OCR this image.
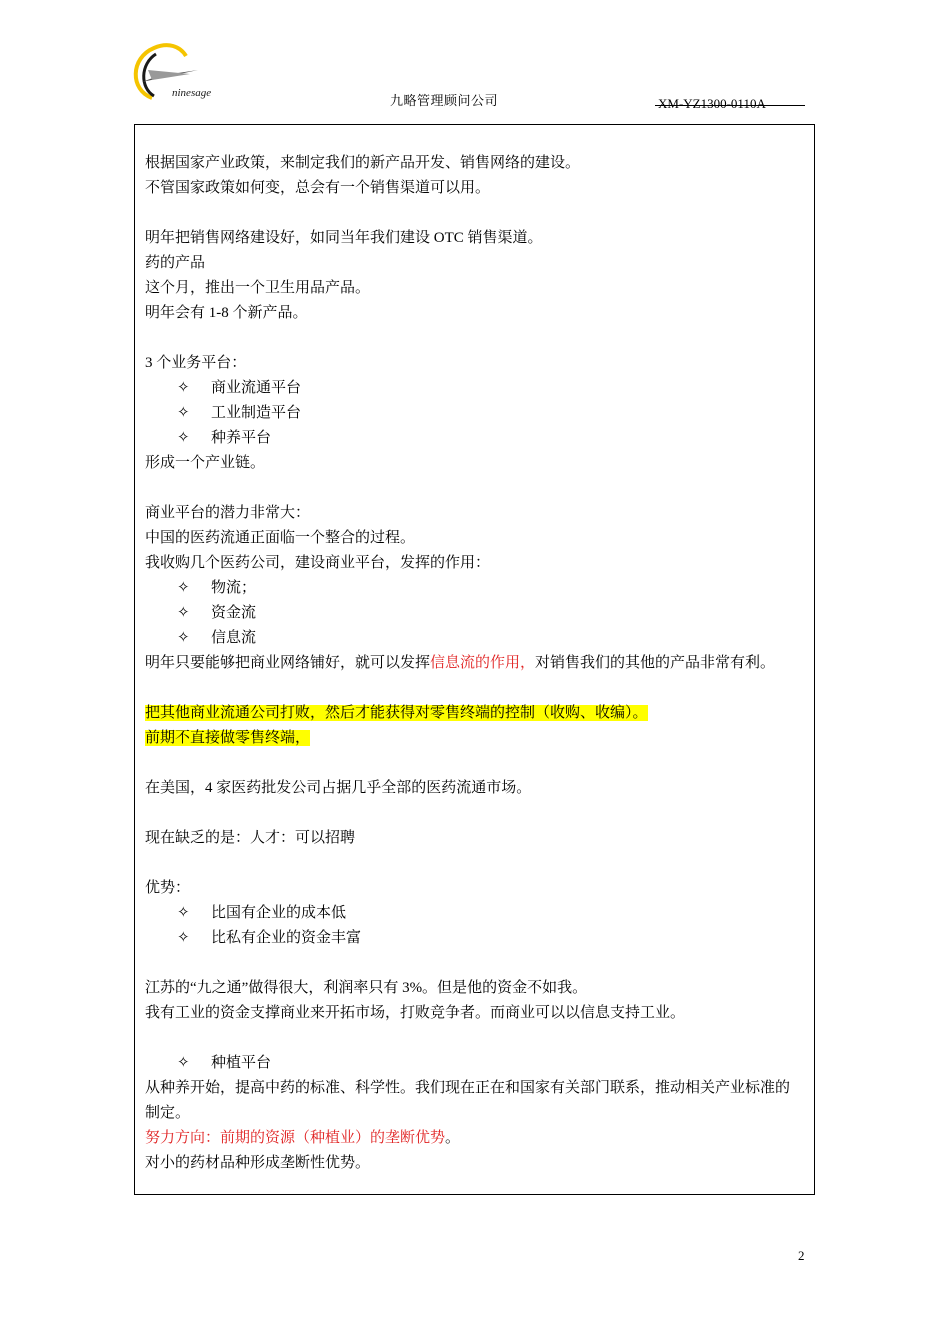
ninesage	九略管理顾问公司	XM-YZ1300-0110A
根据国家产业政策，来制定我们的新产品开发、销售网络的建设。
不管国家政策如何变，总会有一个销售渠道可以用。
明年把销售网络建设好，如同当年我们建设 OTC 销售渠道。
药的产品
这个月，推出一个卫生用品产品。
明年会有 1-8 个新产品。
3 个业务平台：
✧ 商业流通平台
✧ 工业制造平台
✧ 种养平台
形成一个产业链。
商业平台的潜力非常大：
中国的医药流通正面临一个整合的过程。
我收购几个医药公司，建设商业平台，发挥的作用：
✧ 物流；
✧ 资金流
✧ 信息流
明年只要能够把商业网络铺好，就可以发挥信息流的作用，对销售我们的其他的产品非常有利。
把其他商业流通公司打败，然后才能获得对零售终端的控制（收购、收编）。
前期不直接做零售终端，
在美国，4 家医药批发公司占据几乎全部的医药流通市场。
现在缺乏的是：人才：可以招聘
优势：
✧ 比国有企业的成本低
✧ 比私有企业的资金丰富
江苏的“九之通”做得很大，利润率只有 3%。但是他的资金不如我。
我有工业的资金支撑商业来开拓市场，打败竞争者。而商业可以以信息支持工业。
✧ 种植平台
从种养开始，提高中药的标准、科学性。我们现在正在和国家有关部门联系，推动相关产业标准的制定。
努力方向：前期的资源（种植业）的垄断优势。
对小的药材品种形成垄断性优势。
2
